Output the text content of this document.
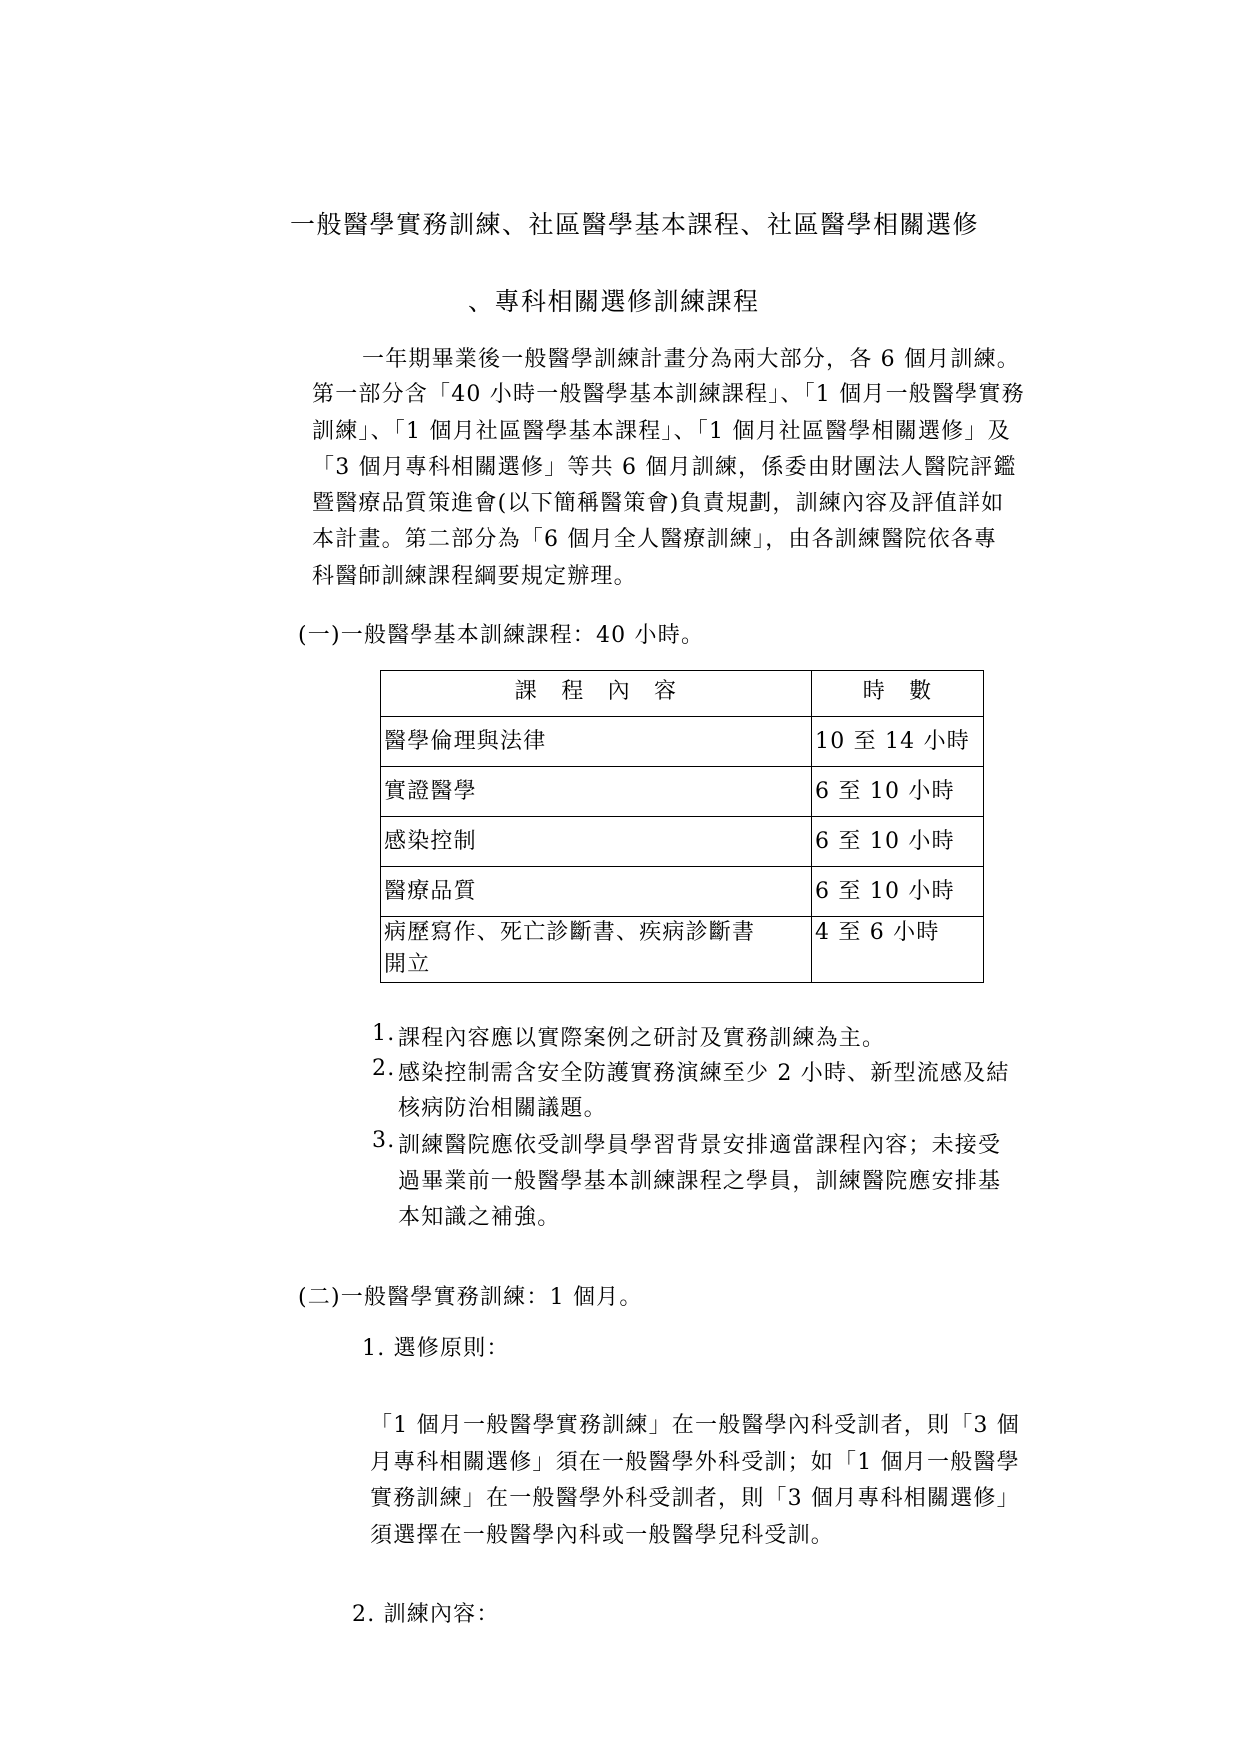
一般醫學實務訓練、社區醫學基本課程、社區醫學相關選修

、專科相關選修訓練課程

一年期畢業後一般醫學訓練計畫分為兩大部分，各 6 個月訓練。

第一部分含「40 小時一般醫學基本訓練課程」、「1 個月一般醫學實務

訓練」、「1 個月社區醫學基本課程」、「1 個月社區醫學相關選修」及

「3 個月專科相關選修」等共 6 個月訓練，係委由財團法人醫院評鑑

暨醫療品質策進會(以下簡稱醫策會)負責規劃，訓練內容及評值詳如

本計畫。第二部分為「6 個月全人醫療訓練」，由各訓練醫院依各專

科醫師訓練課程綱要規定辦理。

(一)一般醫學基本訓練課程：40 小時。

課　程　內　容	時　數
醫學倫理與法律	10 至 14 小時
實證醫學	6 至 10 小時
感染控制	6 至 10 小時
醫療品質	6 至 10 小時

病歷寫作、死亡診斷書、疾病診斷書
開立	4 至 6 小時

1. 課程內容應以實際案例之研討及實務訓練為主。

2. 感染控制需含安全防護實務演練至少 2 小時、新型流感及結

核病防治相關議題。

3. 訓練醫院應依受訓學員學習背景安排適當課程內容；未接受

過畢業前一般醫學基本訓練課程之學員，訓練醫院應安排基

本知識之補強。

(二)一般醫學實務訓練：1 個月。

1. 選修原則：

「1 個月一般醫學實務訓練」在一般醫學內科受訓者，則「3 個

月專科相關選修」須在一般醫學外科受訓；如「1 個月一般醫學

實務訓練」在一般醫學外科受訓者，則「3 個月專科相關選修」

須選擇在一般醫學內科或一般醫學兒科受訓。

2. 訓練內容：
